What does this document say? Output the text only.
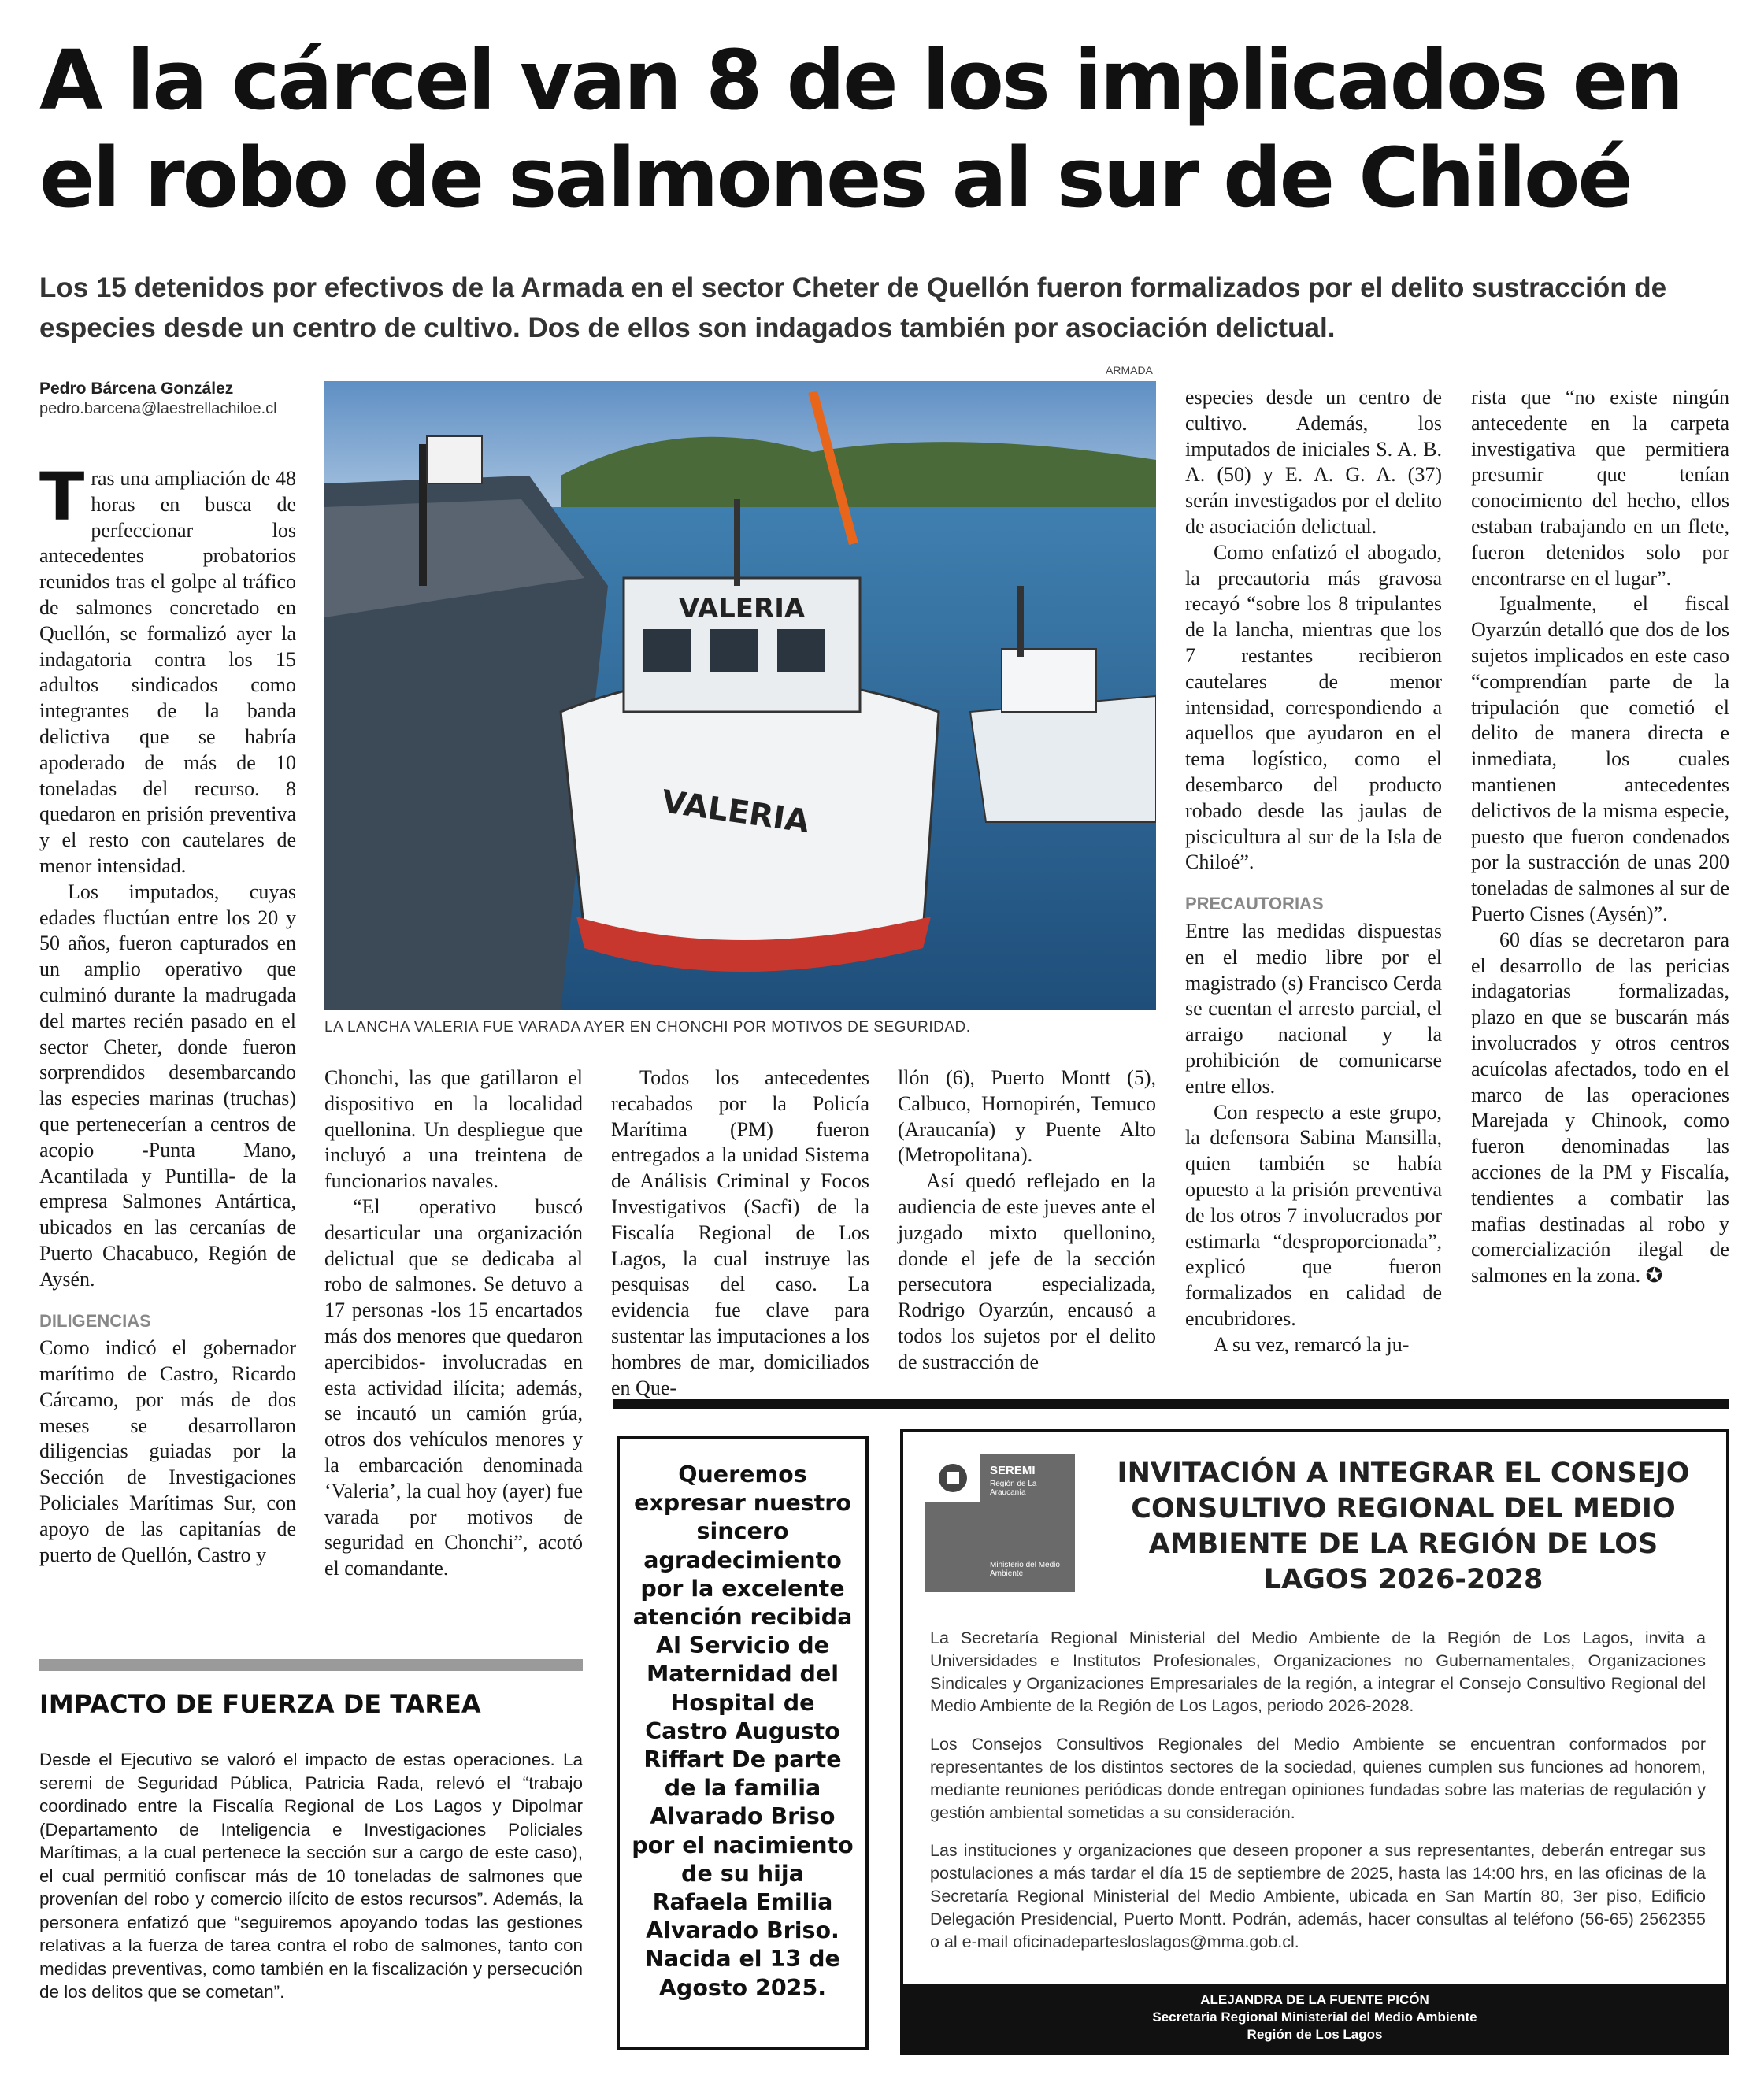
A la cárcel van 8 de los implicados en el robo de salmones al sur de Chiloé
Los 15 detenidos por efectivos de la Armada en el sector Cheter de Quellón fueron formalizados por el delito sustracción de especies desde un centro de cultivo. Dos de ellos son indagados también por asociación delictual.
Pedro Bárcena González
pedro.barcena@laestrellachiloe.cl
ARMADA
VALERIA
VALERIA
LA LANCHA VALERIA FUE VARADA AYER EN CHONCHI POR MOTIVOS DE SEGURIDAD.

Tras una ampliación de 48 horas en busca de perfeccionar los antecedentes probatorios reunidos tras el golpe al tráfico de salmones concretado en Quellón, se formalizó ayer la indagatoria contra los 15 adultos sindicados como integrantes de la banda delictiva que se habría apoderado de más de 10 toneladas del recurso. 8 quedaron en prisión preventiva y el resto con cautelares de menor intensidad.

Los imputados, cuyas edades fluctúan entre los 20 y 50 años, fueron capturados en un amplio operativo que culminó durante la madrugada del martes recién pasado en el sector Cheter, donde fueron sorprendidos desembarcando las especies marinas (truchas) que pertenecerían a centros de acopio -Punta Mano, Acantilada y Puntilla- de la empresa Salmones Antártica, ubicados en las cercanías de Puerto Chacabuco, Región de Aysén.

DILIGENCIAS

Como indicó el gobernador marítimo de Castro, Ricardo Cárcamo, por más de dos meses se desarrollaron diligencias guiadas por la Sección de Investigaciones Policiales Marítimas Sur, con apoyo de las capitanías de puerto de Quellón, Castro y

Chonchi, las que gatillaron el dispositivo en la localidad quellonina. Un despliegue que incluyó a una treintena de funcionarios navales.

“El operativo buscó desarticular una organización delictual que se dedicaba al robo de salmones. Se detuvo a 17 personas -los 15 encartados más dos menores que quedaron apercibidos- involucradas en esta actividad ilícita; además, se incautó un camión grúa, otros dos vehículos menores y la embarcación denominada ‘Valeria’, la cual hoy (ayer) fue varada por motivos de seguridad en Chonchi”, acotó el comandante.

Todos los antecedentes recabados por la Policía Marítima (PM) fueron entregados a la unidad Sistema de Análisis Criminal y Focos Investigativos (Sacfi) de la Fiscalía Regional de Los Lagos, la cual instruye las pesquisas del caso. La evidencia fue clave para sustentar las imputaciones a los hombres de mar, domiciliados en Que-

llón (6), Puerto Montt (5), Calbuco, Hornopirén, Temuco (Araucanía) y Puente Alto (Metropolitana).

Así quedó reflejado en la audiencia de este jueves ante el juzgado mixto quellonino, donde el jefe de la sección persecutora especializada, Rodrigo Oyarzún, encausó a todos los sujetos por el delito de sustracción de

especies desde un centro de cultivo. Además, los imputados de iniciales S. A. B. A. (50) y E. A. G. A. (37) serán investigados por el delito de asociación delictual.

Como enfatizó el abogado, la precautoria más gravosa recayó “sobre los 8 tripulantes de la lancha, mientras que los 7 restantes recibieron cautelares de menor intensidad, correspondiendo a aquellos que ayudaron en el tema logístico, como el desembarco del producto robado desde las jaulas de piscicultura al sur de la Isla de Chiloé”.

PRECAUTORIAS

Entre las medidas dispuestas en el medio libre por el magistrado (s) Francisco Cerda se cuentan el arresto parcial, el arraigo nacional y la prohibición de comunicarse entre ellos.

Con respecto a este grupo, la defensora Sabina Mansilla, quien también se había opuesto a la prisión preventiva de los otros 7 involucrados por estimarla “desproporcionada”, explicó que fueron formalizados en calidad de encubridores.

A su vez, remarcó la ju-

rista que “no existe ningún antecedente en la carpeta investigativa que permitiera presumir que tenían conocimiento del hecho, ellos estaban trabajando en un flete, fueron detenidos solo por encontrarse en el lugar”.

Igualmente, el fiscal Oyarzún detalló que dos de los sujetos implicados en este caso “comprendían parte de la tripulación que cometió el delito de manera directa e inmediata, los cuales mantienen antecedentes delictivos de la misma especie, puesto que fueron condenados por la sustracción de unas 200 toneladas de salmones al sur de Puerto Cisnes (Aysén)”.

60 días se decretaron para el desarrollo de las pericias indagatorias formalizadas, plazo en que se buscarán más involucrados y otros centros acuícolas afectados, todo en el marco de las operaciones Marejada y Chinook, como fueron denominadas las acciones de la PM y Fiscalía, tendientes a combatir las mafias destinadas al robo y comercialización ilegal de salmones en la zona. ✪

IMPACTO DE FUERZA DE TAREA
Desde el Ejecutivo se valoró el impacto de estas operaciones. La seremi de Seguridad Pública, Patricia Rada, relevó el “trabajo coordinado entre la Fiscalía Regional de Los Lagos y Dipolmar (Departamento de Inteligencia e Investigaciones Policiales Marítimas, a la cual pertenece la sección sur a cargo de este caso), el cual permitió confiscar más de 10 toneladas de salmones que provenían del robo y comercio ilícito de estos recursos”. Además, la personera enfatizó que “seguiremos apoyando todas las gestiones relativas a la fuerza de tarea contra el robo de salmones, tanto con medidas preventivas, como también en la fiscalización y persecución de los delitos que se cometan”.
Queremos expresar nuestro sincero agradecimiento por la excelente atención recibida Al Servicio de Maternidad del Hospital de Castro Augusto Riffart De parte de la familia Alvarado Briso por el nacimiento de su hija Rafaela Emilia Alvarado Briso. Nacida el 13 de Agosto 2025.
SEREMI
Región de La Araucanía
Ministerio del Medio Ambiente
INVITACIÓN A INTEGRAR EL CONSEJO CONSULTIVO REGIONAL DEL MEDIO AMBIENTE DE LA REGIÓN DE LOS LAGOS 2026-2028

La Secretaría Regional Ministerial del Medio Ambiente de la Región de Los Lagos, invita a Universidades e Institutos Profesionales, Organizaciones no Gubernamentales, Organizaciones Sindicales y Organizaciones Empresariales de la región, a integrar el Consejo Consultivo Regional del Medio Ambiente de la Región de Los Lagos, periodo 2026-2028.

Los Consejos Consultivos Regionales del Medio Ambiente se encuentran conformados por representantes de los distintos sectores de la sociedad, quienes cumplen sus funciones ad honorem, mediante reuniones periódicas donde entregan opiniones fundadas sobre las materias de regulación y gestión ambiental sometidas a su consideración.

Las instituciones y organizaciones que deseen proponer a sus representantes, deberán entregar sus postulaciones a más tardar el día 15 de septiembre de 2025, hasta las 14:00 hrs, en las oficinas de la Secretaría Regional Ministerial del Medio Ambiente, ubicada en San Martín 80, 3er piso, Edificio Delegación Presidencial, Puerto Montt. Podrán, además, hacer consultas al teléfono (56-65) 2562355 o al e-mail oficinadepartesloslagos@mma.gob.cl.

ALEJANDRA DE LA FUENTE PICÓN
Secretaria Regional Ministerial del Medio Ambiente
Región de Los Lagos
